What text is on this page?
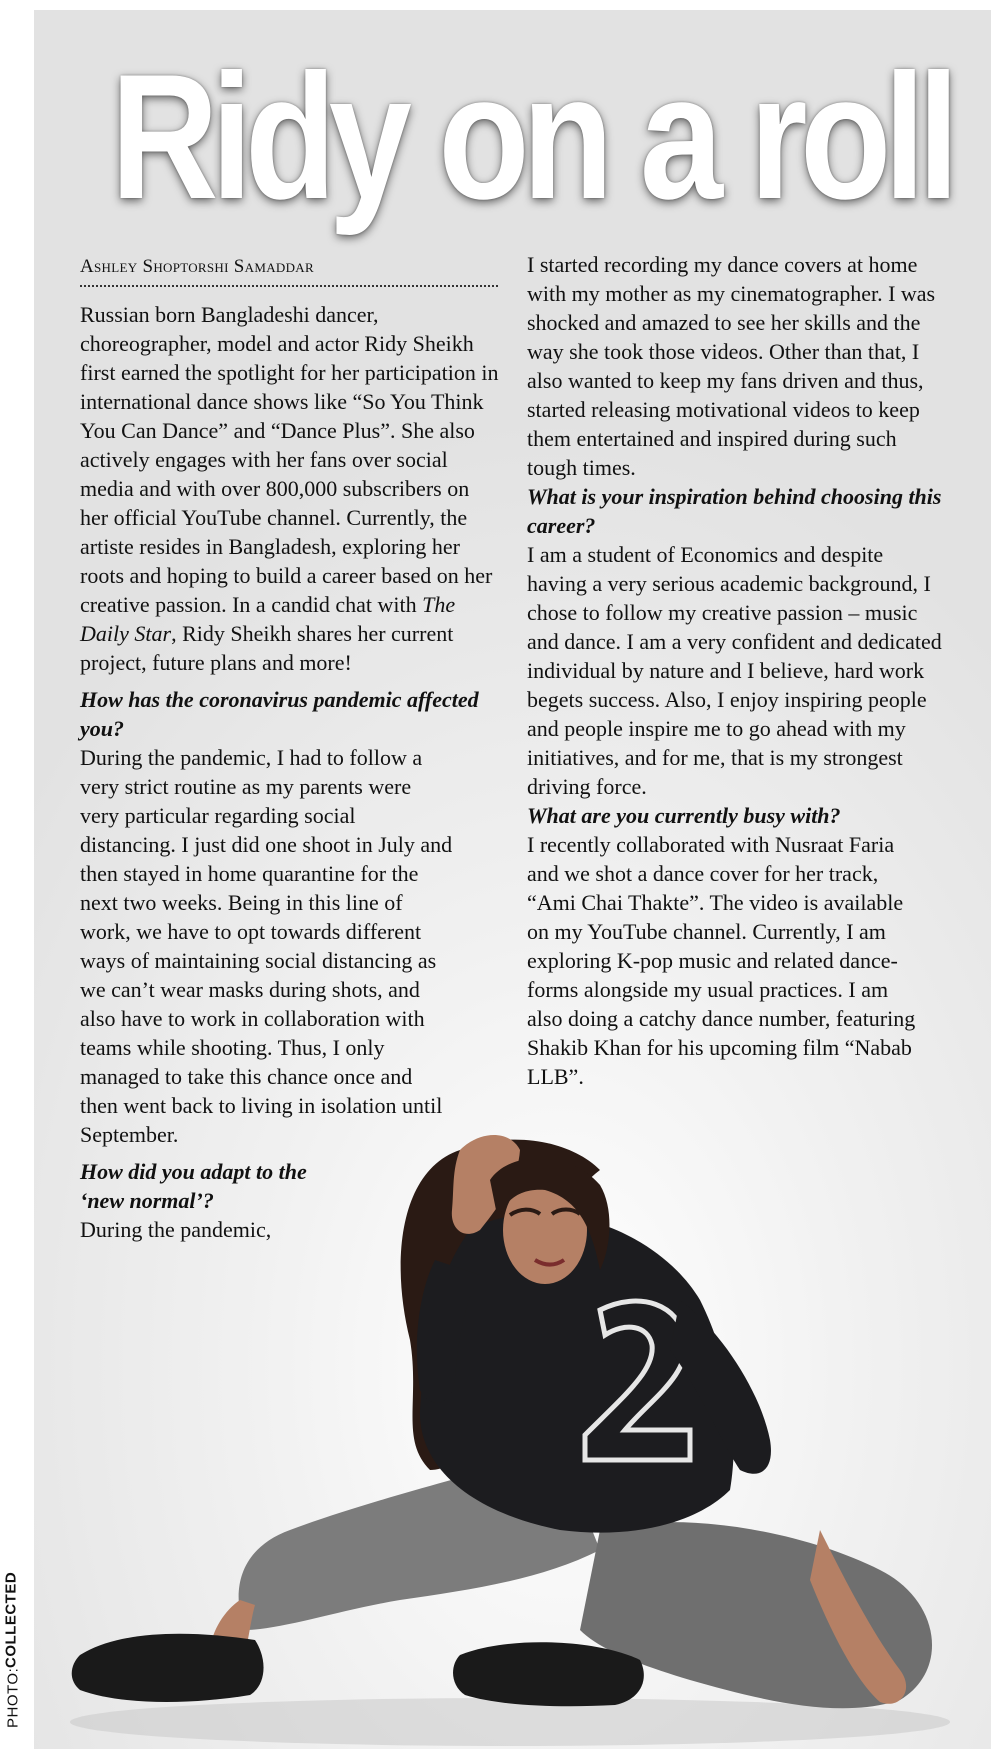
PHOTO:
COLLECTED
Ridy on a roll
Ashley Shoptorshi Samaddar

Russian born Bangladeshi dancer, choreographer, model and actor Ridy Sheikh first earned the spotlight for her participation in international dance shows like “So You Think You Can Dance” and “Dance Plus”. She also actively engages with her fans over social media and with over 800,000 subscribers on her official YouTube channel. Currently, the artiste resides in Bangladesh, exploring her roots and hoping to build a career based on her creative passion. In a candid chat with The Daily Star, Ridy Sheikh shares her current project, future plans and more!

How has the coronavirus pandemic affected you?

During the pandemic, I had to follow a very strict routine as my parents were very particular regarding social distancing. I just did one shoot in July and then stayed in home quarantine for the next two weeks. Being in this line of work, we have to opt towards different ways of maintaining social distancing as we can’t wear masks during shots, and also have to work in collaboration with teams while shooting. Thus, I only managed to take this chance once and then went back to living in isolation until September.

How did you adapt to the ‘new normal’?

During the pandemic,

I started recording my dance covers at home with my mother as my cinematographer. I was shocked and amazed to see her skills and the way she took those videos. Other than that, I also wanted to keep my fans driven and thus, started releasing motivational videos to keep them entertained and inspired during such tough times.

What is your inspiration behind choosing this career?

I am a student of Economics and despite having a very serious academic background, I chose to follow my creative passion – music and dance. I am a very confident and dedicated individual by nature and I believe, hard work begets success. Also, I enjoy inspiring people and people inspire me to go ahead with my initiatives, and for me, that is my strongest driving force.

What are you currently busy with?

I recently collaborated with Nusraat Faria and we shot a dance cover for her track, “Ami Chai Thakte”. The video is available on my YouTube channel. Currently, I am exploring K-pop music and related dance-forms alongside my usual practices. I am also doing a catchy dance number, featuring Shakib Khan for his upcoming film “Nabab LLB”.
